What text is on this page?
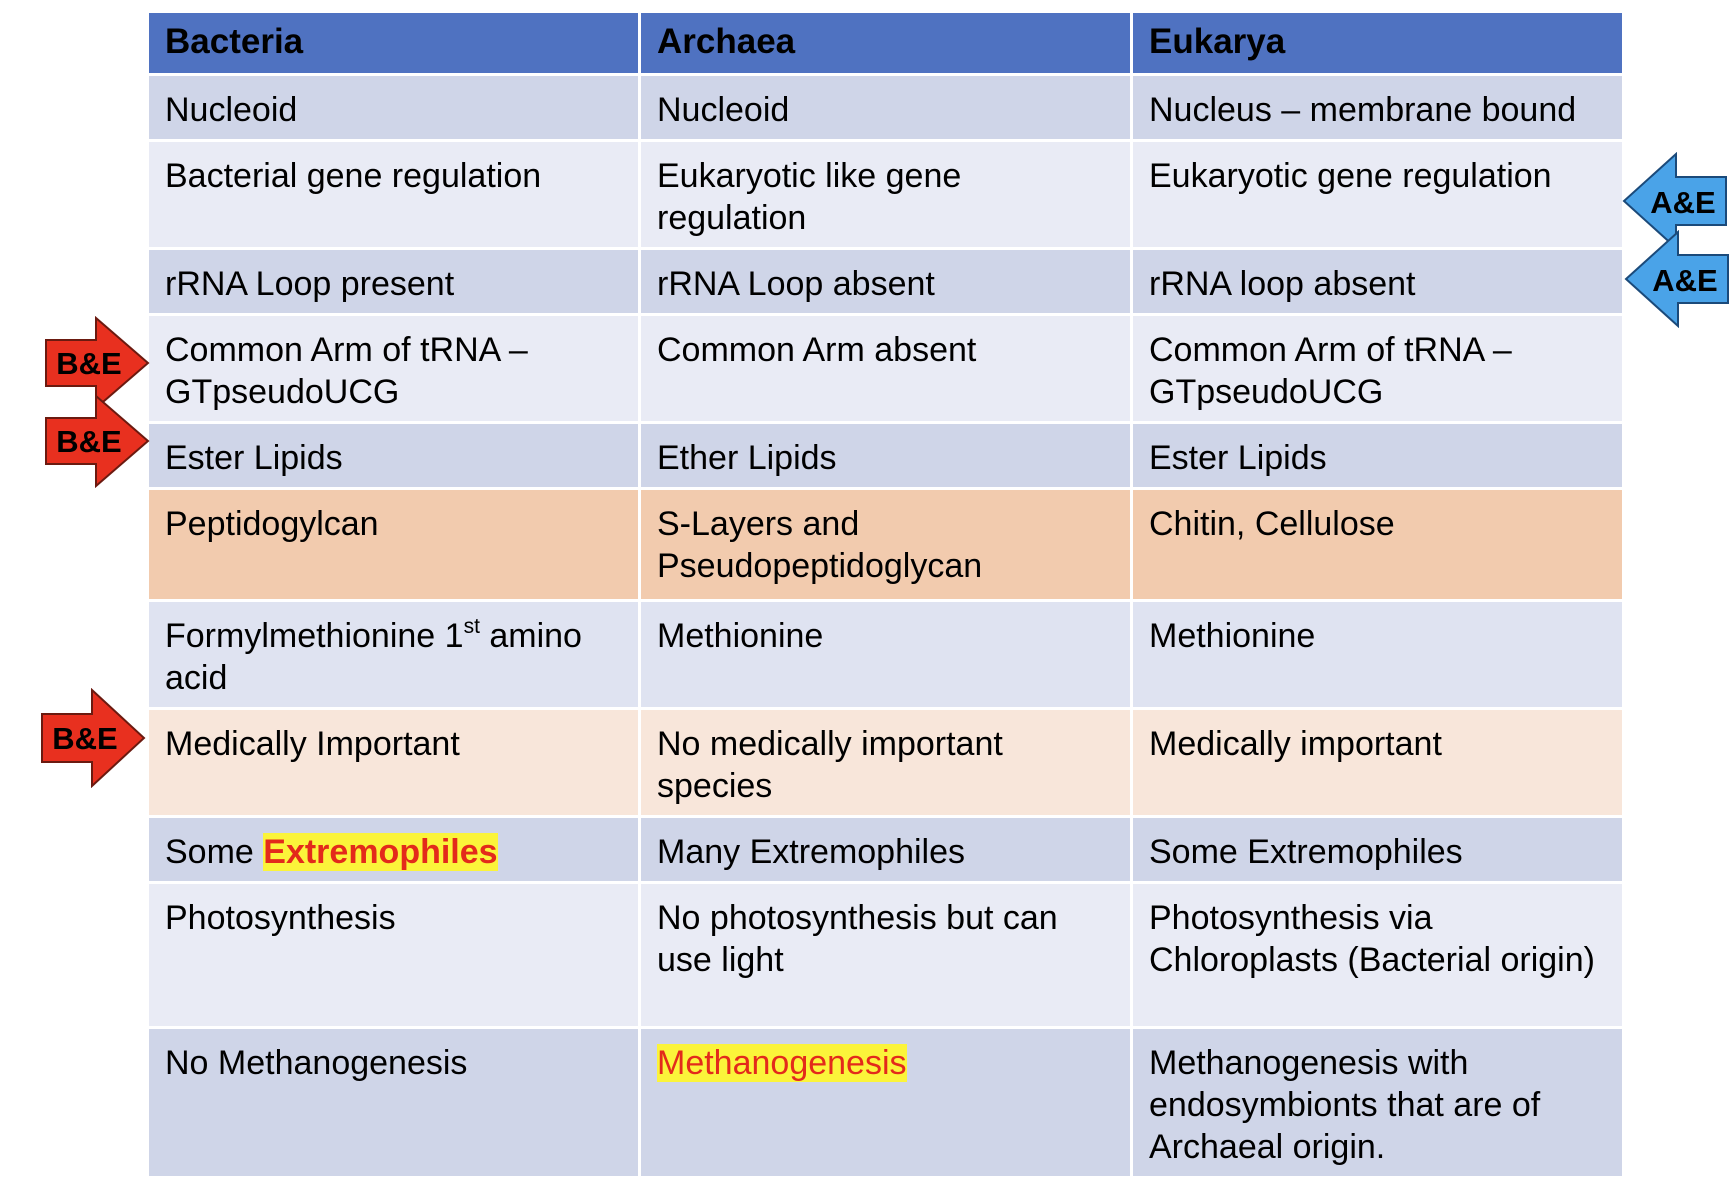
Bacteria	Archaea	Eukarya
Nucleoid	Nucleoid	Nucleus – membrane bound
Bacterial gene regulation	Eukaryotic like gene regulation	Eukaryotic gene regulation
rRNA Loop present	rRNA Loop absent	rRNA loop absent
Common Arm of tRNA – GTpseudoUCG	Common Arm absent	Common Arm of tRNA – GTpseudoUCG
Ester Lipids	Ether Lipids	Ester Lipids
Peptidogylcan	S-Layers and Pseudopeptidoglycan	Chitin, Cellulose
Formylmethionine 1st amino acid	Methionine	Methionine
Medically Important	No medically important species	Medically important
Some Extremophiles	Many Extremophiles	Some Extremophiles
Photosynthesis	No photosynthesis but can use light	Photosynthesis via Chloroplasts (Bacterial origin)
No Methanogenesis	Methanogenesis	Methanogenesis with endosymbionts that are of Archaeal origin.
B&E
B&E
B&E
A&E
A&E
